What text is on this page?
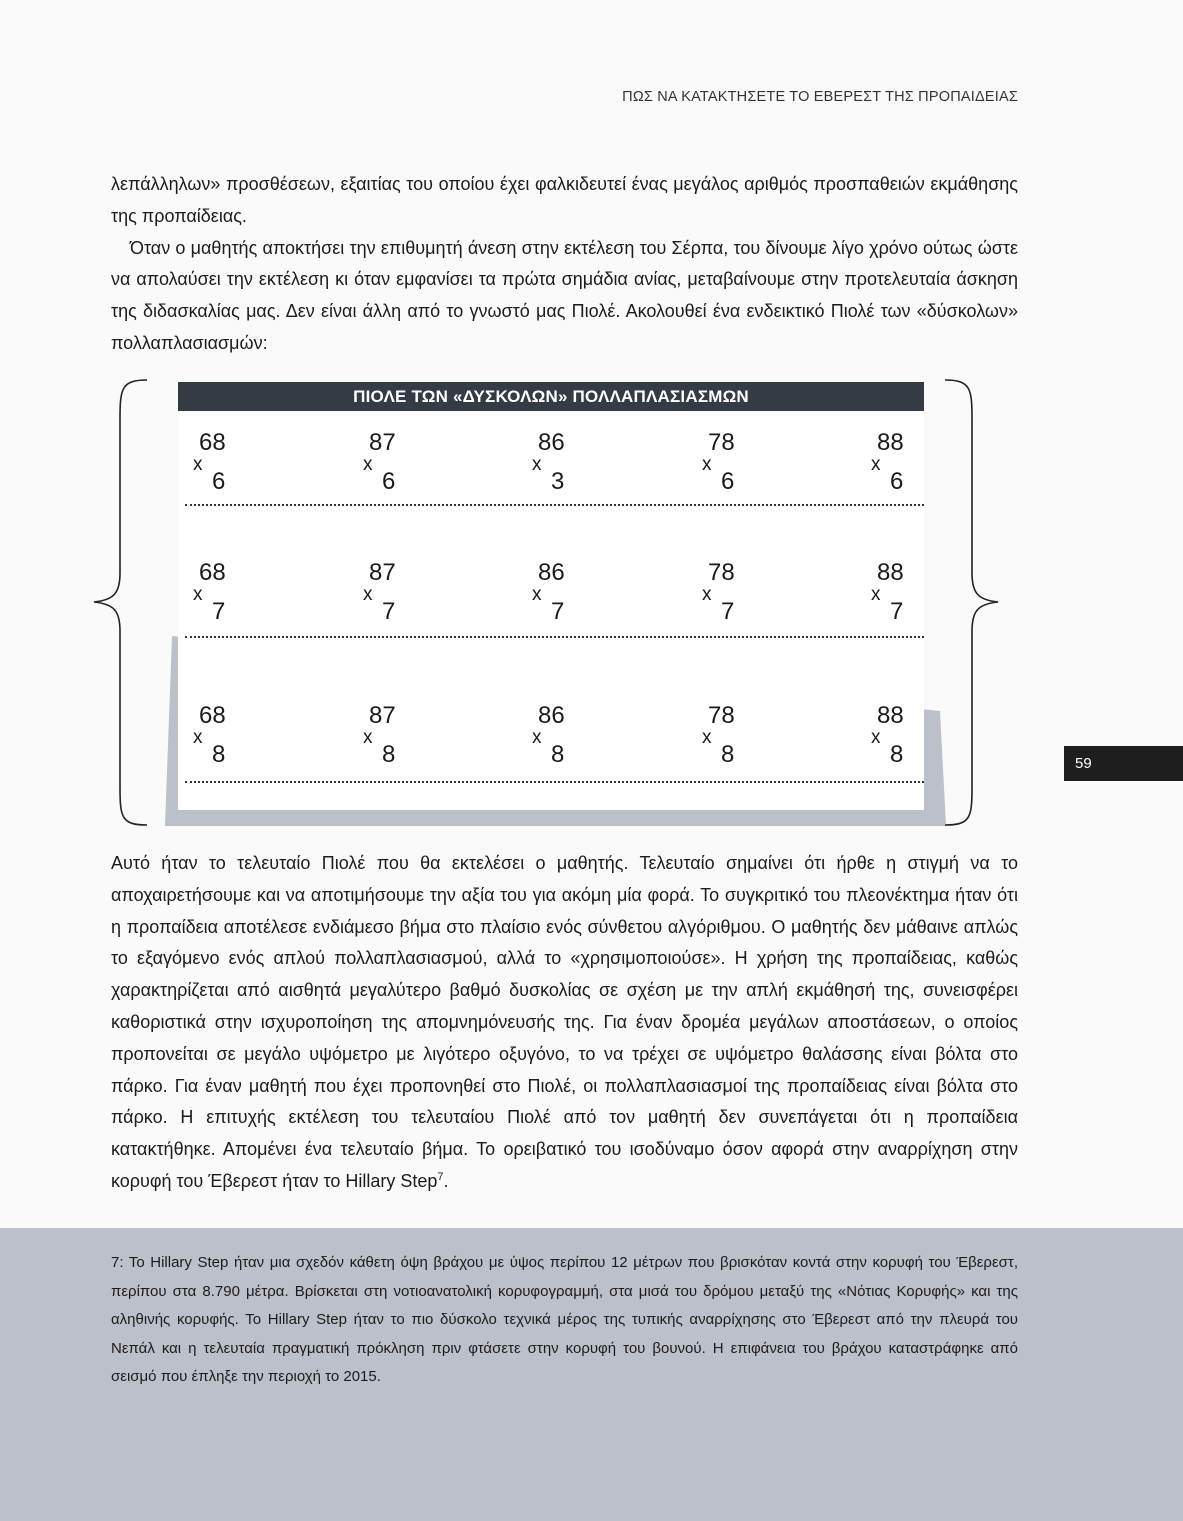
ΠΩΣ ΝΑ ΚΑΤΑΚΤΗΣΕΤΕ ΤΟ ΕΒΕΡΕΣΤ ΤΗΣ ΠΡΟΠΑΙΔΕΙΑΣ

λεπάλληλων» προσθέσεων, εξαιτίας του οποίου έχει φαλκιδευτεί ένας μεγάλος αριθμός προσπαθειών εκμάθησης της προπαίδειας.

Όταν ο μαθητής αποκτήσει την επιθυμητή άνεση στην εκτέλεση του Σέρπα, του δίνουμε λίγο χρόνο ούτως ώστε να απολαύσει την εκτέλεση κι όταν εμφανίσει τα πρώτα σημάδια ανίας, μεταβαίνουμε στην προτελευταία άσκηση της διδασκαλίας μας. Δεν είναι άλλη από το γνωστό μας Πιολέ. Ακολουθεί ένα ενδεικτικό Πιολέ των «δύσκολων» πολλαπλασιασμών:

ΠΙΟΛΕ ΤΩΝ «ΔΥΣΚΟΛΩΝ» ΠΟΛΛΑΠΛΑΣΙΑΣΜΩΝ
68
x
6
87
x
6
86
x
3
78
x
6
88
x
6
68
x
7
87
x
7
86
x
7
78
x
7
88
x
7
68
x
8
87
x
8
86
x
8
78
x
8
88
x
8

Αυτό ήταν το τελευταίο Πιολέ που θα εκτελέσει ο μαθητής. Τελευταίο σημαίνει ότι ήρθε η στιγμή να το αποχαιρετήσουμε και να αποτιμήσουμε την αξία του για ακόμη μία φορά. Το συγκριτικό του πλεονέκτημα ήταν ότι η προπαίδεια αποτέλεσε ενδιάμεσο βήμα στο πλαίσιο ενός σύνθετου αλγόριθμου. Ο μαθητής δεν μάθαινε απλώς το εξαγόμενο ενός απλού πολλαπλασιασμού, αλλά το «χρησιμοποιούσε». Η χρήση της προπαίδειας, καθώς χαρακτηρίζεται από αισθητά μεγαλύτερο βαθμό δυσκολίας σε σχέση με την απλή εκμάθησή της, συνεισφέρει καθοριστικά στην ισχυροποίηση της απομνημόνευσής της. Για έναν δρομέα μεγάλων αποστάσεων, ο οποίος προπονείται σε μεγάλο υψόμετρο με λιγότερο οξυγόνο, το να τρέχει σε υψόμετρο θαλάσσης είναι βόλτα στο πάρκο. Για έναν μαθητή που έχει προπονηθεί στο Πιολέ, οι πολλαπλασιασμοί της προπαίδειας είναι βόλτα στο πάρκο. Η επιτυχής εκτέλεση του τελευταίου Πιολέ από τον μαθητή δεν συνεπάγεται ότι η προπαίδεια κατακτήθηκε. Απομένει ένα τελευταίο βήμα. Το ορειβατικό του ισοδύναμο όσον αφορά στην αναρρίχηση στην κορυφή του Έβερεστ ήταν το Hillary Step$^7$.

59

7: Το Hillary Step ήταν μια σχεδόν κάθετη όψη βράχου με ύψος περίπου 12 μέτρων που βρισκόταν κοντά στην κορυφή του Έβερεστ, περίπου στα 8.790 μέτρα. Βρίσκεται στη νοτιοανατολική κορυφογραμμή, στα μισά του δρόμου μεταξύ της «Νότιας Κορυφής» και της αληθινής κορυφής. Το Hillary Step ήταν το πιο δύσκολο τεχνικά μέρος της τυπικής αναρρίχησης στο Έβερεστ από την πλευρά του Νεπάλ και η τελευταία πραγματική πρόκληση πριν φτάσετε στην κορυφή του βουνού. Η επιφάνεια του βράχου καταστράφηκε από σεισμό που έπληξε την περιοχή το 2015.
